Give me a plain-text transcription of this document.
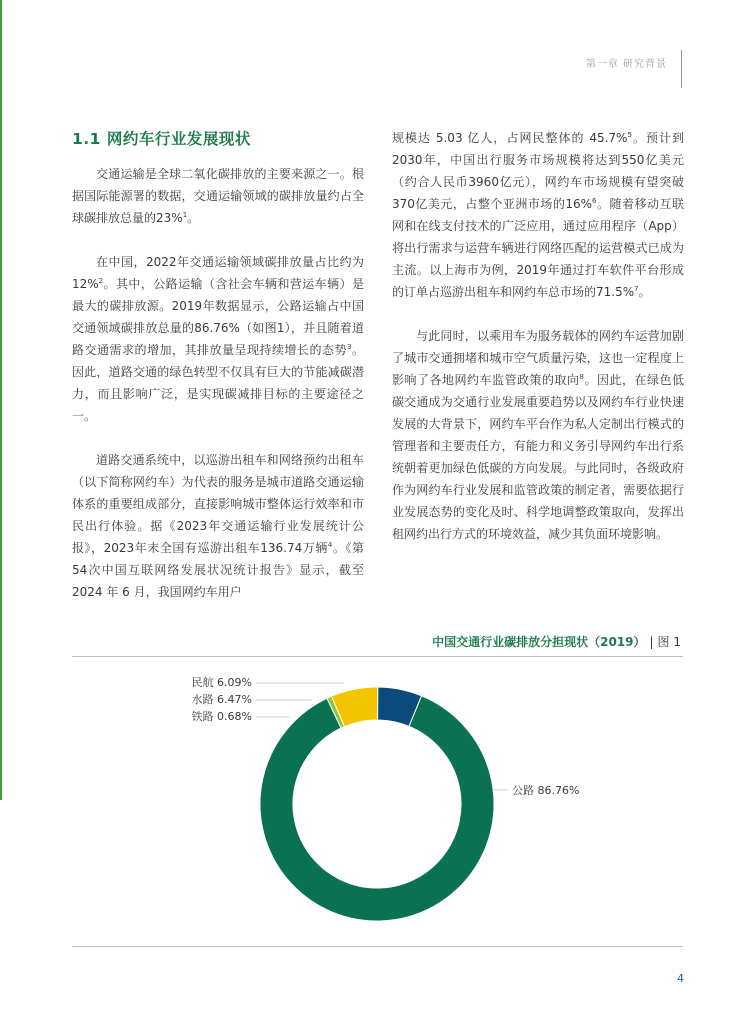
第一章 研究背景
1.1 网约车行业发展现状

交通运输是全球二氧化碳排放的主要来源之一。根据国际能源署的数据，交通运输领域的碳排放量约占全球碳排放总量的23%$^1$。

在中国，2022年交通运输领域碳排放量占比约为12%$^2$。其中，公路运输（含社会车辆和营运车辆）是最大的碳排放源。2019年数据显示，公路运输占中国交通领域碳排放总量的86.76%（如图1），并且随着道路交通需求的增加，其排放量呈现持续增长的态势$^3$。因此，道路交通的绿色转型不仅具有巨大的节能减碳潜力，而且影响广泛，是实现碳减排目标的主要途径之一。

道路交通系统中，以巡游出租车和网络预约出租车（以下简称网约车）为代表的服务是城市道路交通运输体系的重要组成部分，直接影响城市整体运行效率和市民出行体验。据《2023年交通运输行业发展统计公报》，2023年末全国有巡游出租车136.74万辆$^4$。《第54次中国互联网络发展状况统计报告》显示，截至 2024 年 6 月，我国网约车用户

规模达 5.03 亿人，占网民整体的 45.7%$^5$。预计到2030年，中国出行服务市场规模将达到550亿美元（约合人民币3960亿元），网约车市场规模有望突破370亿美元，占整个亚洲市场的16%$^6$。随着移动互联网和在线支付技术的广泛应用，通过应用程序（App）将出行需求与运营车辆进行网络匹配的运营模式已成为主流。以上海市为例，2019年通过打车软件平台形成的订单占巡游出租车和网约车总市场的71.5%$^7$。

与此同时，以乘用车为服务载体的网约车运营加剧了城市交通拥堵和城市空气质量污染，这也一定程度上影响了各地网约车监管政策的取向$^8$。因此，在绿色低碳交通成为交通行业发展重要趋势以及网约车行业快速发展的大背景下，网约车平台作为私人定制出行模式的管理者和主要责任方，有能力和义务引导网约车出行系统朝着更加绿色低碳的方向发展。与此同时，各级政府作为网约车行业发展和监管政策的制定者，需要依据行业发展态势的变化及时、科学地调整政策取向，发挥出租网约出行方式的环境效益，减少其负面环境影响。

中国交通行业碳排放分担现状（2019） | 图 1
公路 86.76%
民航 6.09%
水路 6.47%
铁路 0.68%
4
